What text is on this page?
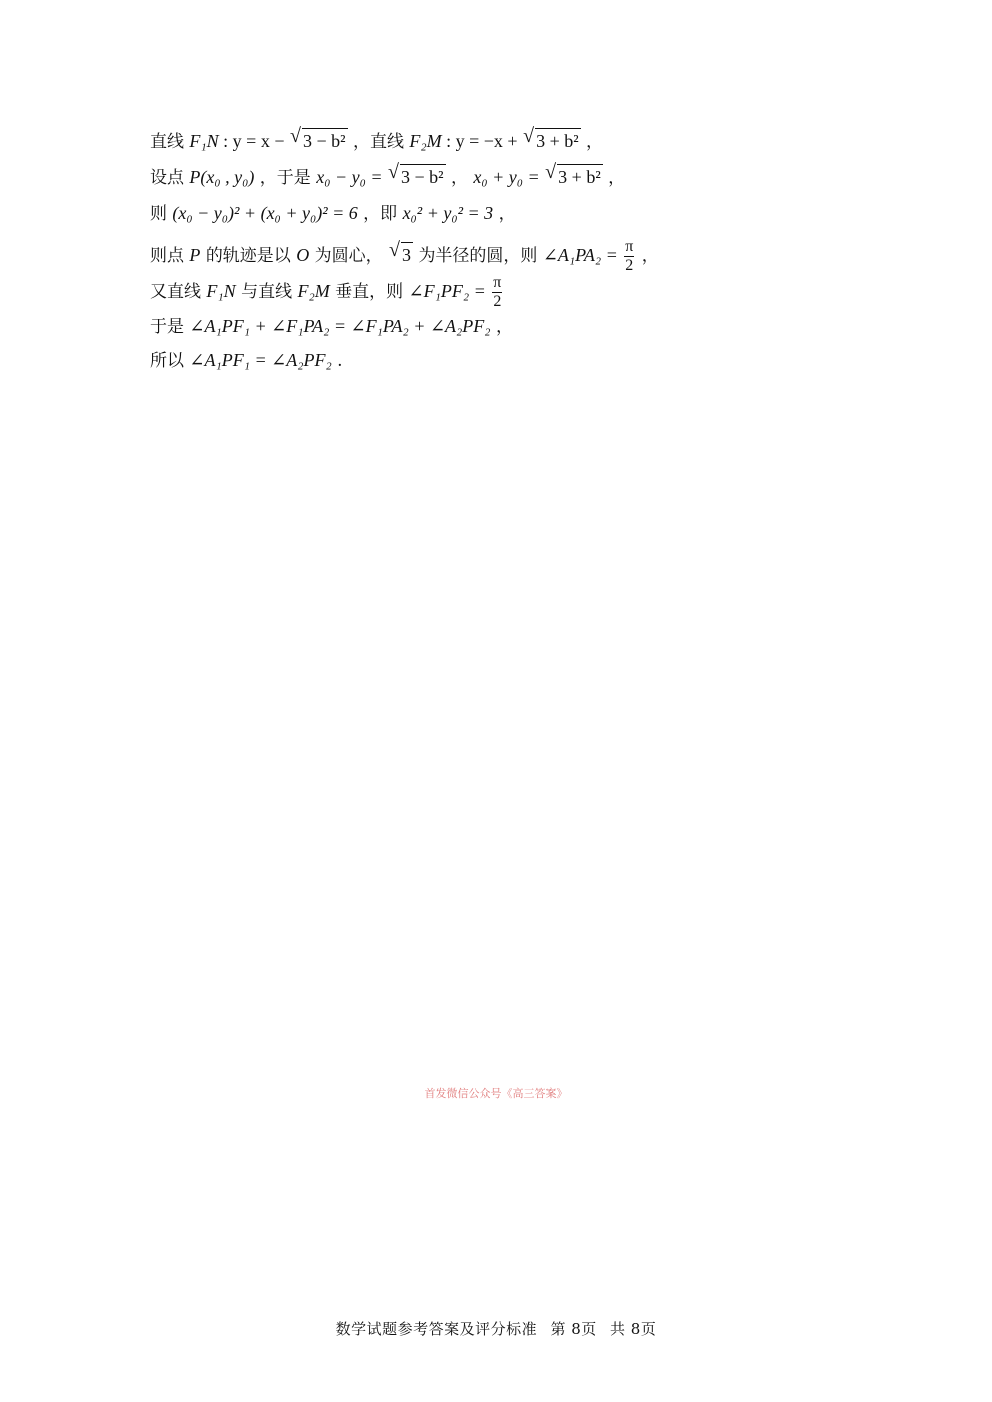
直线 F₁N : y = x − √ 3 − b² ，直线 F₂M : y = −x + √ 3 + b² ，
设点 P(x₀ , y₀) ，于是 x₀ − y₀ = √ 3 − b² ， x₀ + y₀ = √ 3 + b² ，
则 (x₀ − y₀)² + (x₀ + y₀)² = 6 ，即 x₀² + y₀² = 3 ，
则点 P 的轨迹是以 O 为圆心， √ 3 为半径的圆，则 ∠A₁PA₂ = $\frac{\pi}{2}$ ，
又直线 F₁N 与直线 F₂M 垂直，则 ∠F₁PF₂ = $\frac{\pi}{2}$
于是 ∠A₁PF₁ + ∠F₁PA₂ = ∠F₁PA₂ + ∠A₂PF₂ ，
所以 ∠A₁PF₁ = ∠A₂PF₂ .
首发微信公众号《高三答案》
数学试题参考答案及评分标准 第 8页 共 8页
